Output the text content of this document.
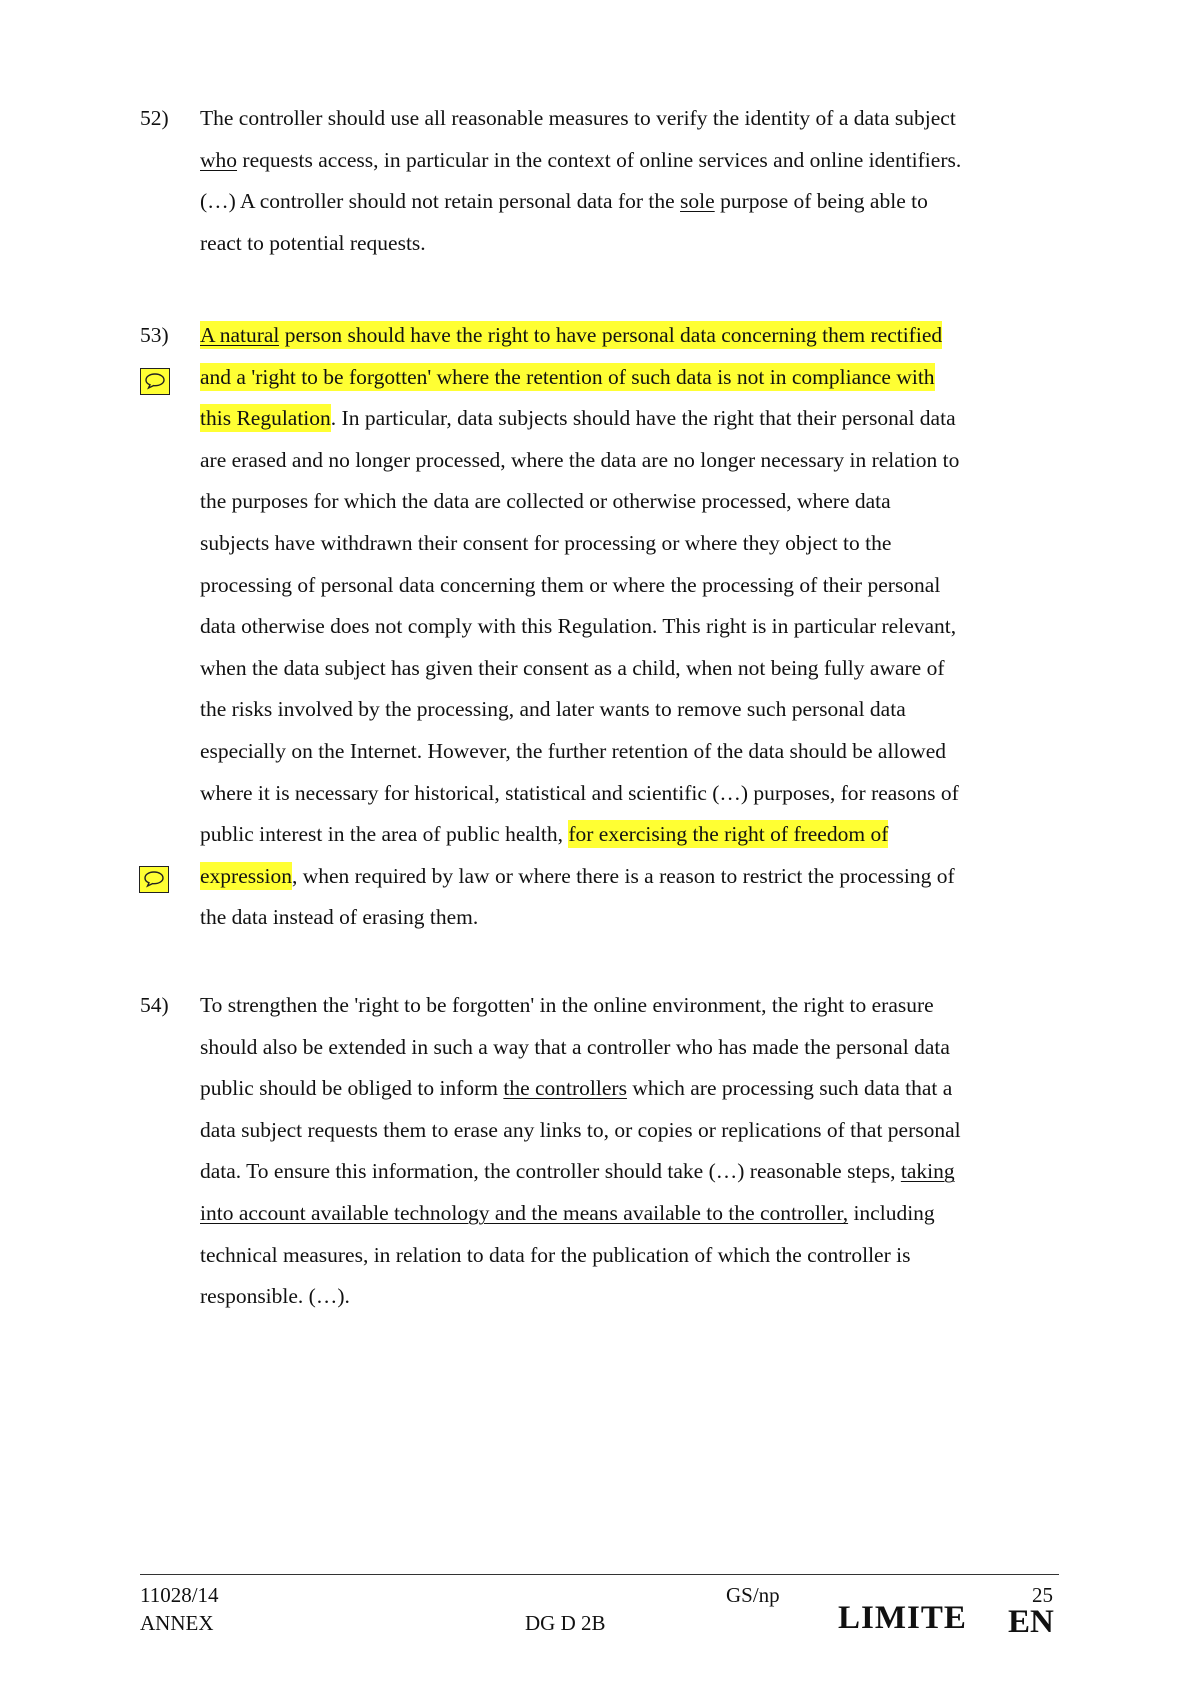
52) The controller should use all reasonable measures to verify the identity of a data subject
who requests access, in particular in the context of online services and online identifiers.
(…) A controller should not retain personal data for the sole purpose of being able to
react to potential requests.
53) A natural person should have the right to have personal data concerning them rectified
and a 'right to be forgotten' where the retention of such data is not in compliance with
this Regulation. In particular, data subjects should have the right that their personal data
are erased and no longer processed, where the data are no longer necessary in relation to
the purposes for which the data are collected or otherwise processed, where data
subjects have withdrawn their consent for processing or where they object to the
processing of personal data concerning them or where the processing of their personal
data otherwise does not comply with this Regulation. This right is in particular relevant,
when the data subject has given their consent as a child, when not being fully aware of
the risks involved by the processing, and later wants to remove such personal data
especially on the Internet. However, the further retention of the data should be allowed
where it is necessary for historical, statistical and scientific (…) purposes, for reasons of
public interest in the area of public health, for exercising the right of freedom of
expression, when required by law or where there is a reason to restrict the processing of
the data instead of erasing them.
54) To strengthen the 'right to be forgotten' in the online environment, the right to erasure
should also be extended in such a way that a controller who has made the personal data
public should be obliged to inform the controllers which are processing such data that a
data subject requests them to erase any links to, or copies or replications of that personal
data. To ensure this information, the controller should take (…) reasonable steps, taking
into account available technology and the means available to the controller, including
technical measures, in relation to data for the publication of which the controller is
responsible. (…).
11028/14
ANNEX
GS/np
DG D 2B
25
LIMITE EN
